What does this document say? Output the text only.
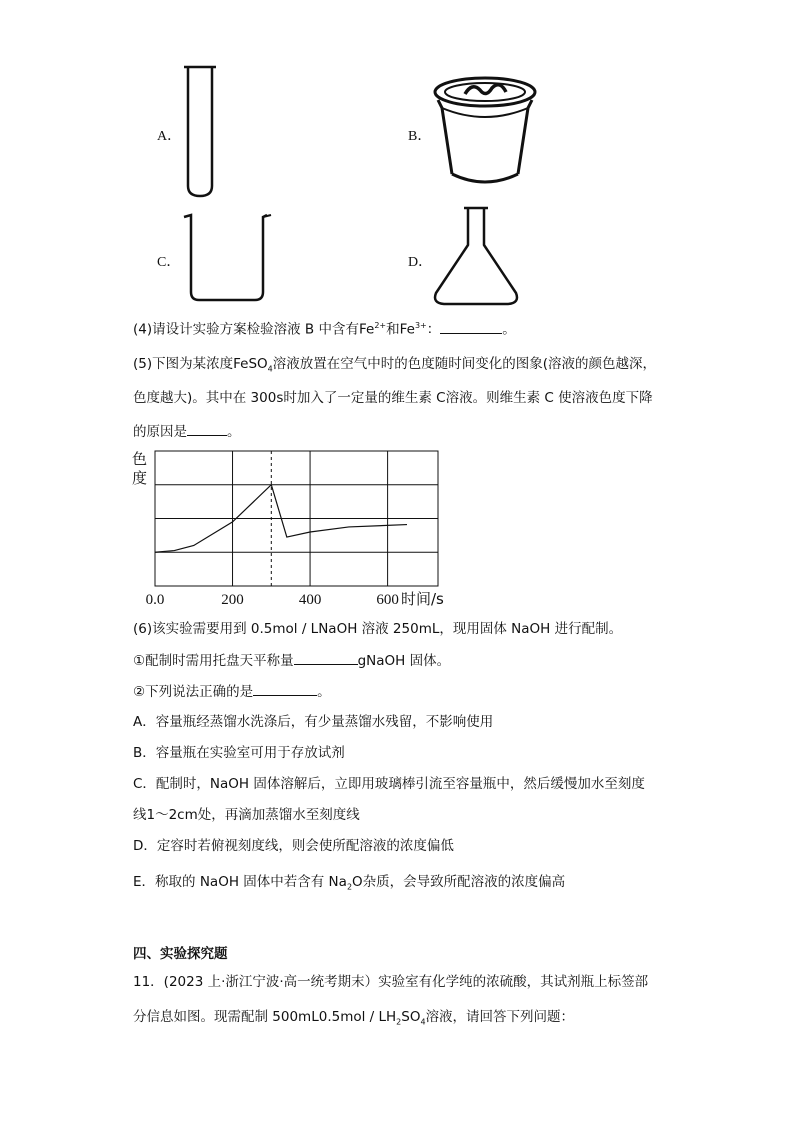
A．	B．
C．	D．
(4)请设计实验方案检验溶液 B 中含有$Fe^{2+}$和$Fe^{3+}$：	。
(5)下图为某浓度FeSO$_4$溶液放置在空气中时的色度随时间变化的图象(溶液的颜色越深，
色度越大)。其中在 300s时加入了一定量的维生素 C溶液。则维生素 C 使溶液色度下降
的原因是	。
色
度
0.0	200	400	600 时间/s
(6)该实验需要用到 0.5mol / LNaOH 溶液 250mL，现用固体 NaOH 进行配制。
①配制时需用托盘天平称量	gNaOH 固体。
②下列说法正确的是	。
A．容量瓶经蒸馏水洗涤后，有少量蒸馏水残留，不影响使用
B．容量瓶在实验室可用于存放试剂
C．配制时，NaOH 固体溶解后，立即用玻璃棒引流至容量瓶中，然后缓慢加水至刻度
线1～2cm处，再滴加蒸馏水至刻度线
D．定容时若俯视刻度线，则会使所配溶液的浓度偏低
E．称取的 NaOH 固体中若含有 $Na_2O$杂质，会导致所配溶液的浓度偏高
四、实验探究题
11．(2023 上·浙江宁波·高一统考期末）实验室有化学纯的浓硫酸，其试剂瓶上标签部
分信息如图。现需配制 $500mL0.5mol / LH_2SO_4$溶液，请回答下列问题：
